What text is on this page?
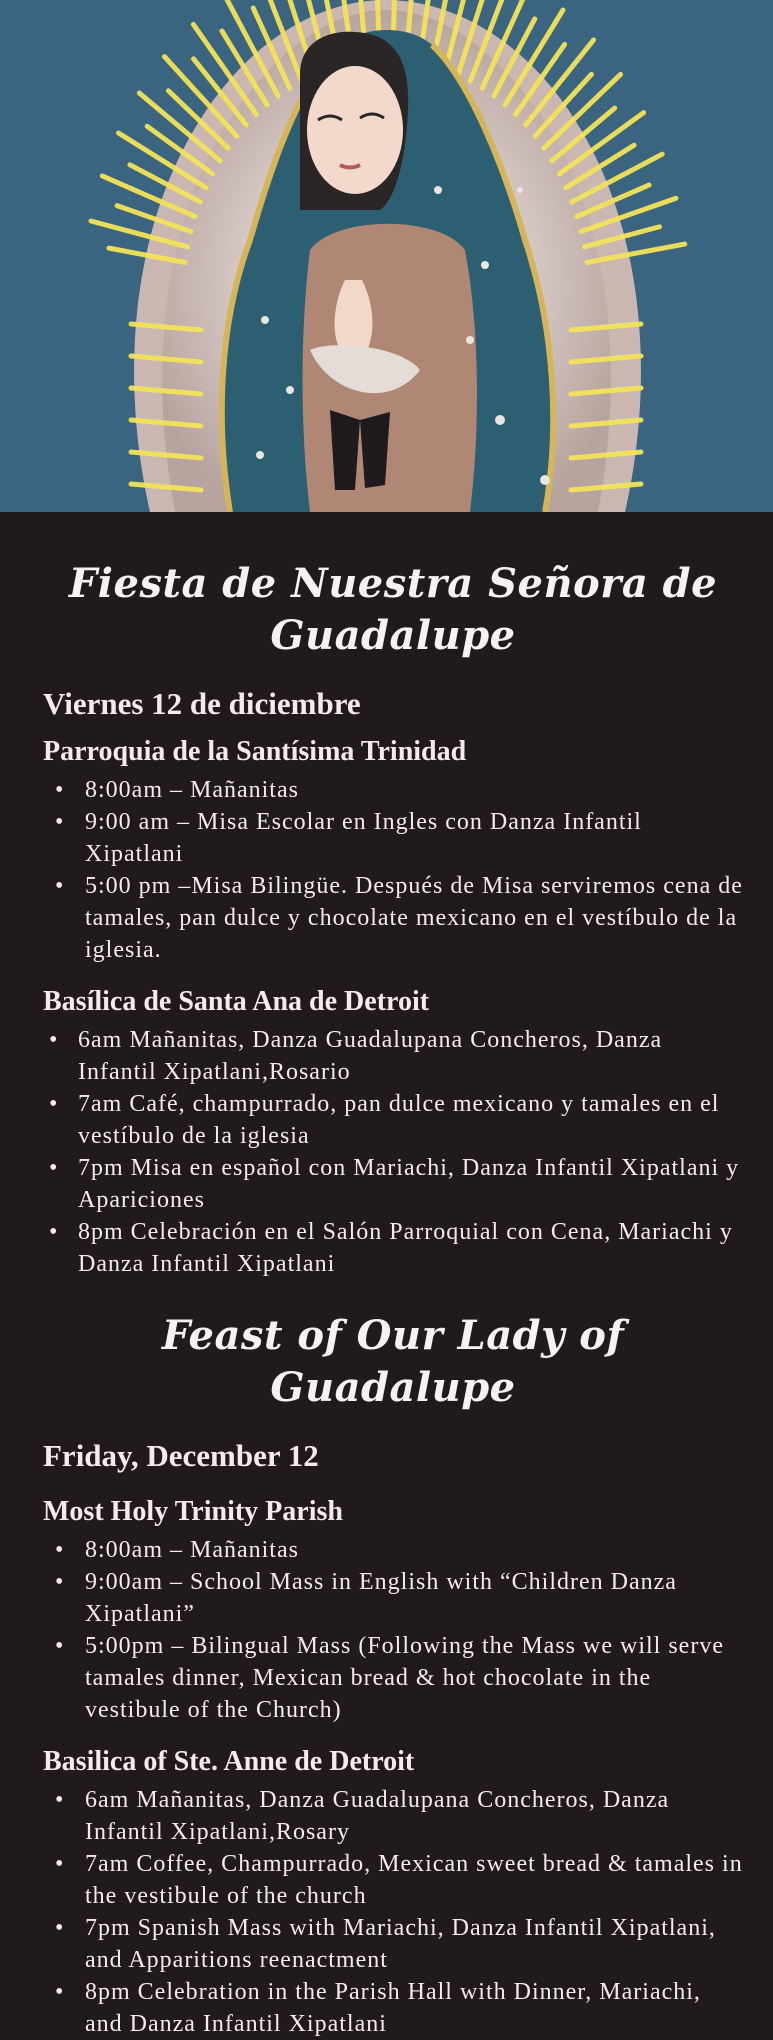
Fiesta de Nuestra Señora de Guadalupe
Viernes 12 de diciembre
Parroquia de la Santísima Trinidad
• 8:00am – Mañanitas
• 9:00 am – Misa Escolar en Ingles con Danza Infantil Xipatlani
• 5:00 pm –Misa Bilingüe. Después de Misa serviremos cena de tamales, pan dulce y chocolate mexicano en el vestíbulo de la iglesia.
Basílica de Santa Ana de Detroit
• 6am Mañanitas, Danza Guadalupana Concheros, Danza Infantil Xipatlani,Rosario
• 7am Café, champurrado, pan dulce mexicano y tamales en el vestíbulo de la iglesia
• 7pm Misa en español con Mariachi, Danza Infantil Xipatlani y Apariciones
• 8pm Celebración en el Salón Parroquial con Cena, Mariachi y Danza Infantil Xipatlani
Feast of Our Lady of Guadalupe
Friday, December 12
Most Holy Trinity Parish
• 8:00am – Mañanitas
• 9:00am – School Mass in English with “Children Danza Xipatlani”
• 5:00pm – Bilingual Mass (Following the Mass we will serve tamales dinner, Mexican bread & hot chocolate in the vestibule of the Church)
Basilica of Ste. Anne de Detroit
• 6am Mañanitas, Danza Guadalupana Concheros, Danza Infantil Xipatlani,Rosary
• 7am Coffee, Champurrado, Mexican sweet bread & tamales in the vestibule of the church
• 7pm Spanish Mass with Mariachi, Danza Infantil Xipatlani, and Apparitions reenactment
• 8pm Celebration in the Parish Hall with Dinner, Mariachi, and Danza Infantil Xipatlani
